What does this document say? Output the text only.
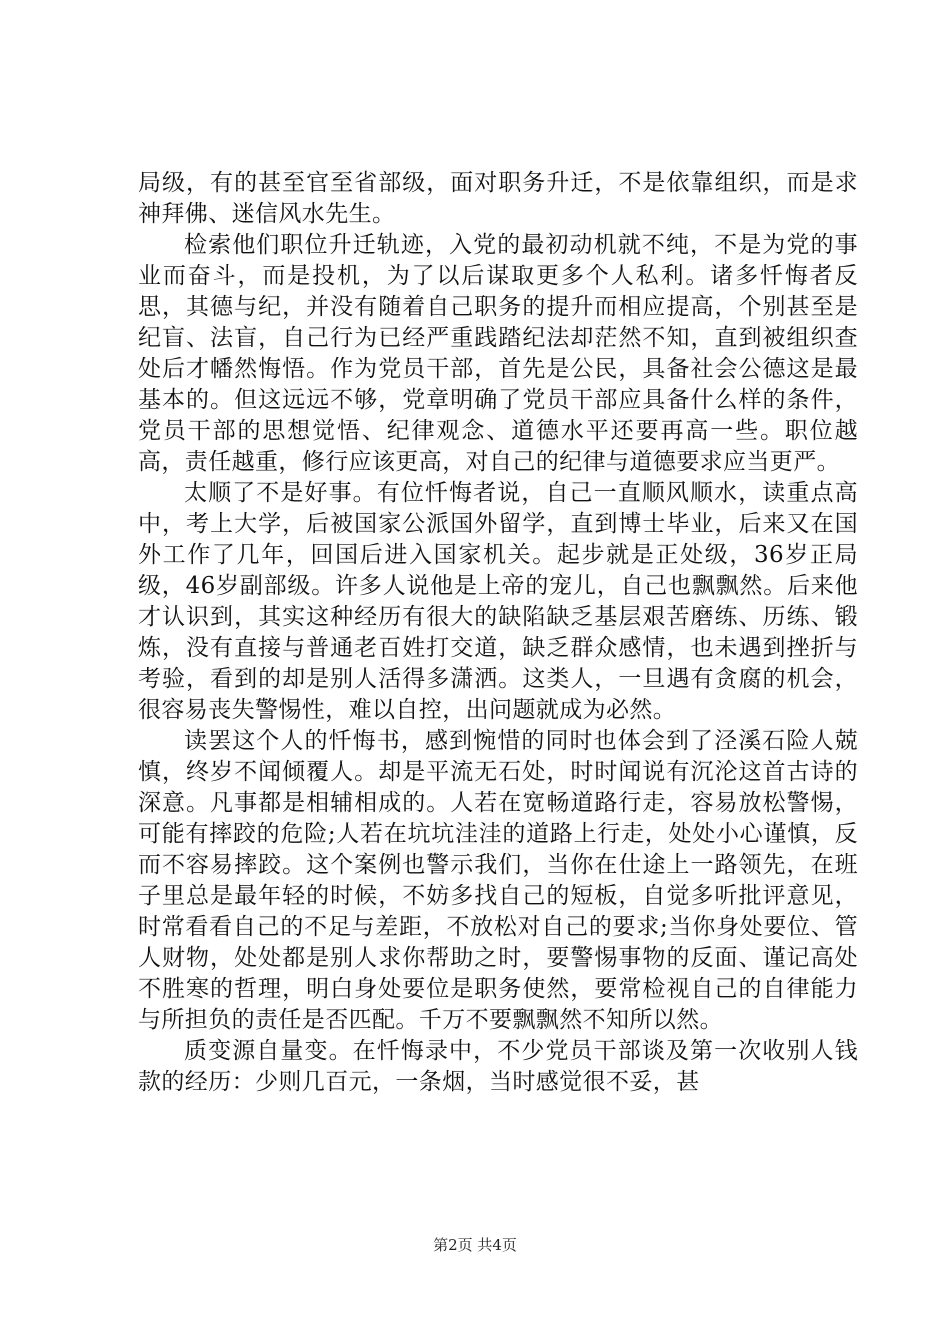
局级，有的甚至官至省部级，面对职务升迁，不是依靠组织，而是求神拜佛、迷信风水先生。

检索他们职位升迁轨迹，入党的最初动机就不纯，不是为党的事业而奋斗，而是投机，为了以后谋取更多个人私利。诸多忏悔者反思，其德与纪，并没有随着自己职务的提升而相应提高，个别甚至是纪盲、法盲，自己行为已经严重践踏纪法却茫然不知，直到被组织查处后才幡然悔悟。作为党员干部，首先是公民，具备社会公德这是最基本的。但这远远不够，党章明确了党员干部应具备什么样的条件，党员干部的思想觉悟、纪律观念、道德水平还要再高一些。职位越高，责任越重，修行应该更高，对自己的纪律与道德要求应当更严。

太顺了不是好事。有位忏悔者说，自己一直顺风顺水，读重点高中，考上大学，后被国家公派国外留学，直到博士毕业，后来又在国外工作了几年，回国后进入国家机关。起步就是正处级，36岁正局级，46岁副部级。许多人说他是上帝的宠儿，自己也飘飘然。后来他才认识到，其实这种经历有很大的缺陷缺乏基层艰苦磨练、历练、锻炼，没有直接与普通老百姓打交道，缺乏群众感情，也未遇到挫折与考验，看到的却是别人活得多潇洒。这类人，一旦遇有贪腐的机会，很容易丧失警惕性，难以自控，出问题就成为必然。

读罢这个人的忏悔书，感到惋惜的同时也体会到了泾溪石险人兢慎，终岁不闻倾覆人。却是平流无石处，时时闻说有沉沦这首古诗的深意。凡事都是相辅相成的。人若在宽畅道路行走，容易放松警惕，可能有摔跤的危险;人若在坑坑洼洼的道路上行走，处处小心谨慎，反而不容易摔跤。这个案例也警示我们，当你在仕途上一路领先，在班子里总是最年轻的时候，不妨多找自己的短板，自觉多听批评意见，时常看看自己的不足与差距，不放松对自己的要求;当你身处要位、管人财物，处处都是别人求你帮助之时，要警惕事物的反面、谨记高处不胜寒的哲理，明白身处要位是职务使然，要常检视自己的自律能力与所担负的责任是否匹配。千万不要飘飘然不知所以然。

质变源自量变。在忏悔录中，不少党员干部谈及第一次收别人钱款的经历：少则几百元，一条烟，当时感觉很不妥，甚

第2页 共4页
